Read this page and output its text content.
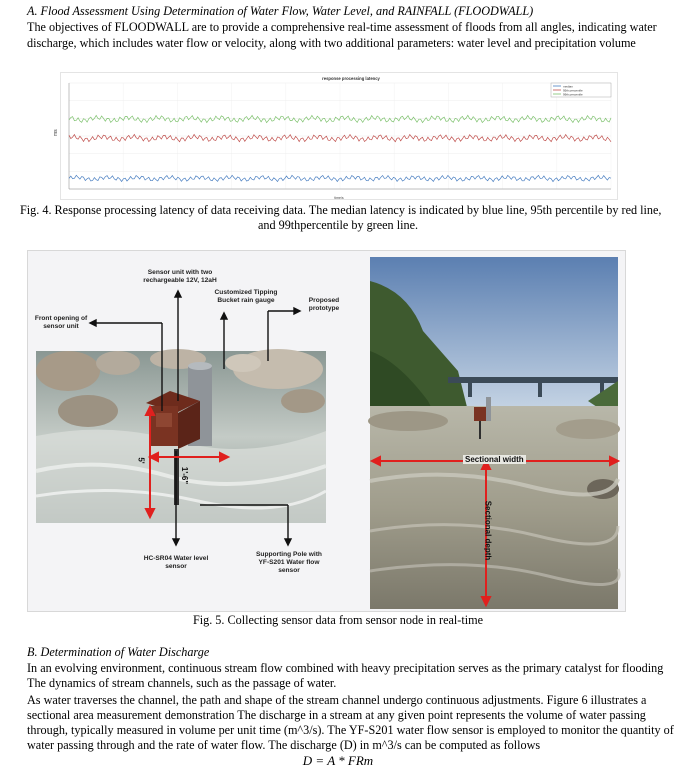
A. Flood Assessment Using Determination of Water Flow, Water Level, and RAINFALL (FLOODWALL)
The objectives of FLOODWALL are to provide a comprehensive real-time assessment of floods from all angles, indicating water
discharge, which includes water flow or velocity, along with two additional parameters: water level and precipitation volume
response processing latency
ms
time/s
median
95th percentile
99th percentile
Fig. 4. Response processing latency of data receiving data. The median latency is indicated by blue line, 95th percentile by red line,
and 99thpercentile by green line.
Sensor unit with two rechargeable 12V, 12aH
Customized Tipping Bucket rain gauge	Proposed prototype
Front opening of sensor unit
HC-SR04 Water level sensor
Supporting Pole with YF-S201 Water flow sensor
5'
1'-6"
Sectional width
Sectional depth
Fig. 5. Collecting sensor data from sensor node in real-time
B. Determination of Water Discharge
In an evolving environment, continuous stream flow combined with heavy precipitation serves as the primary catalyst for flooding
The dynamics of stream channels, such as the passage of water.
As water traverses the channel, the path and shape of the stream channel undergo continuous adjustments. Figure 6 illustrates a
sectional area measurement demonstration The discharge in a stream at any given point represents the volume of water passing
through, typically measured in volume per unit time (m^3/s). The YF-S201 water flow sensor is employed to monitor the quantity of
water passing through and the rate of water flow. The discharge (D) in m^3/s can be computed as follows
D = A * FRm
